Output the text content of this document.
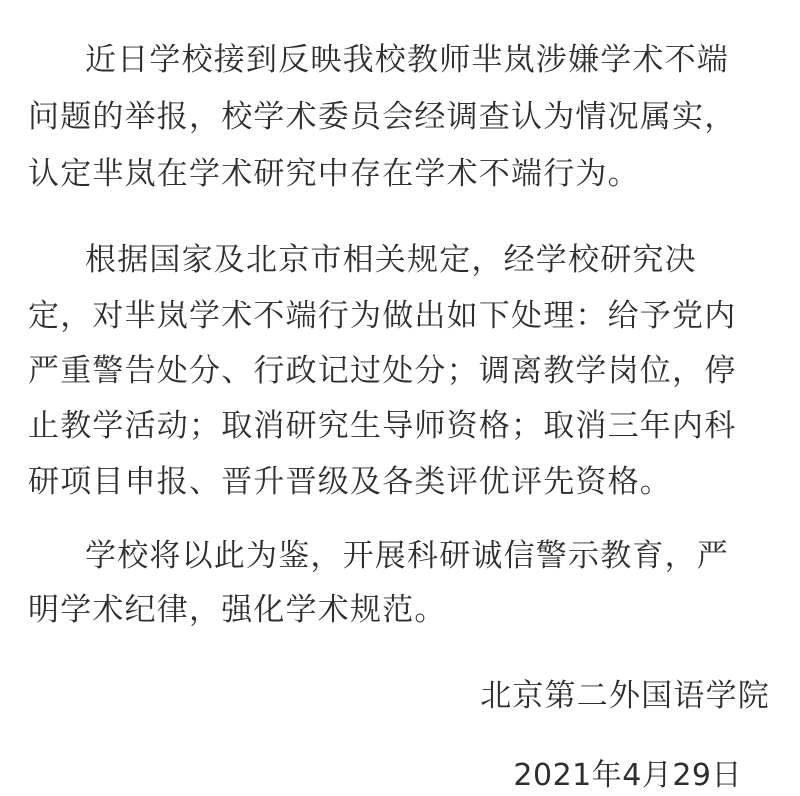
近日学校接到反映我校教师芈岚涉嫌学术不端
问题的举报，校学术委员会经调查认为情况属实，
认定芈岚在学术研究中存在学术不端行为。
根据国家及北京市相关规定，经学校研究决
定，对芈岚学术不端行为做出如下处理：给予党内
严重警告处分、行政记过处分；调离教学岗位，停
止教学活动；取消研究生导师资格；取消三年内科
研项目申报、晋升晋级及各类评优评先资格。
学校将以此为鉴，开展科研诚信警示教育，严
明学术纪律，强化学术规范。
北京第二外国语学院
2021年4月29日
